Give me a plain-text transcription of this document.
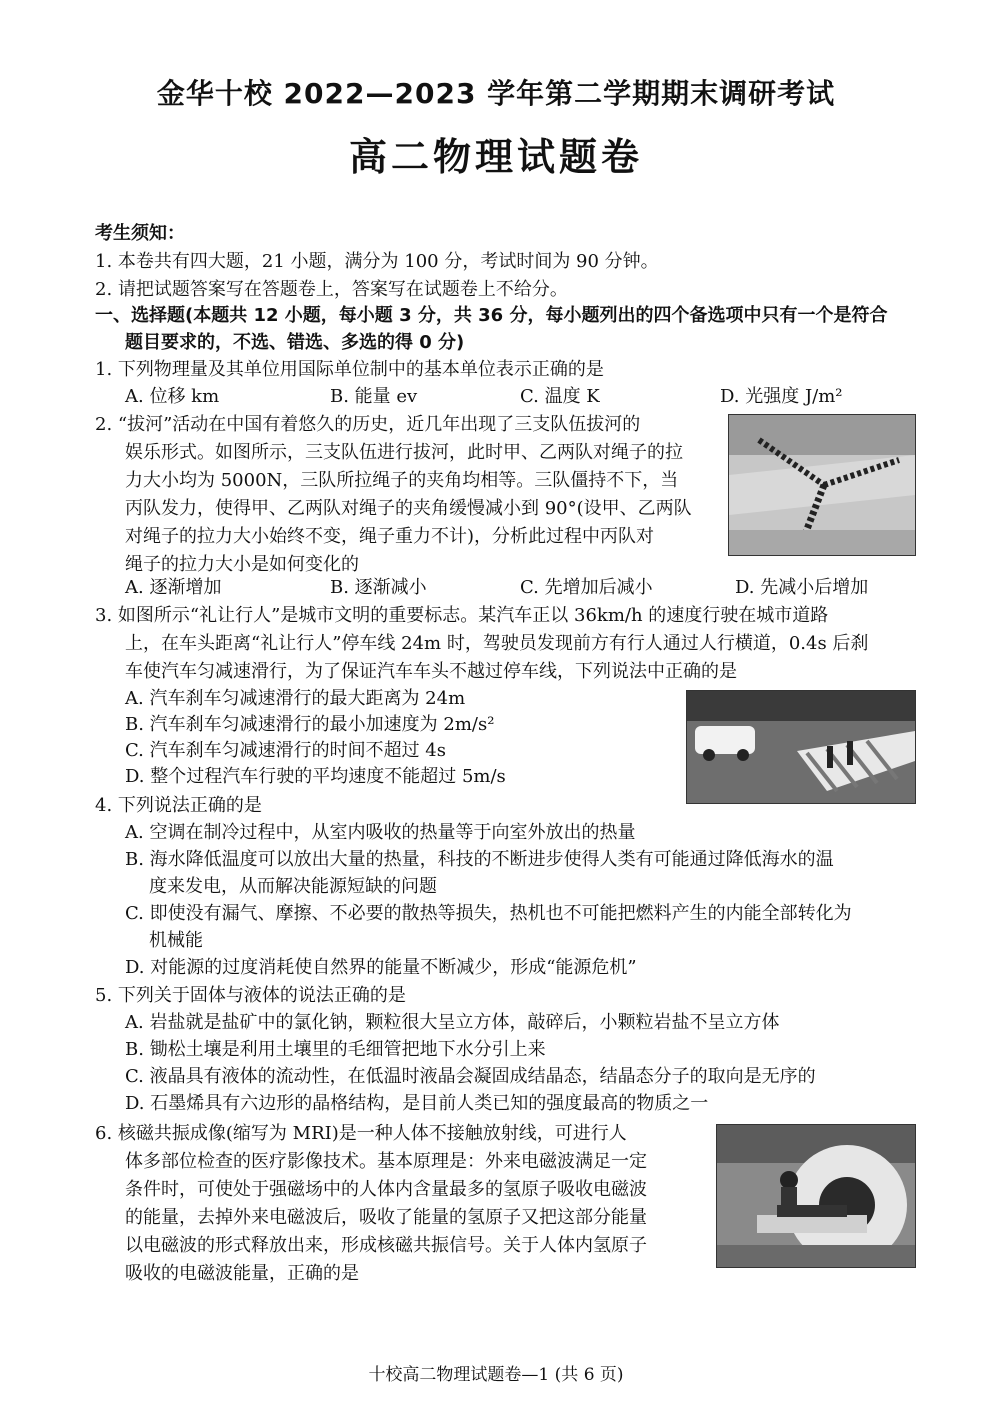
金华十校 2022—2023 学年第二学期期末调研考试
高二物理试题卷
考生须知：
1. 本卷共有四大题，21 小题，满分为 100 分，考试时间为 90 分钟。
2. 请把试题答案写在答题卷上，答案写在试题卷上不给分。
一、选择题(本题共 12 小题，每小题 3 分，共 36 分，每小题列出的四个备选项中只有一个是符合
题目要求的，不选、错选、多选的得 0 分)
1. 下列物理量及其单位用国际单位制中的基本单位表示正确的是
A. 位移 km	B. 能量 ev	C. 温度 K	D. 光强度 J/m²
2. “拔河”活动在中国有着悠久的历史，近几年出现了三支队伍拔河的
娱乐形式。如图所示，三支队伍进行拔河，此时甲、乙两队对绳子的拉
力大小均为 5000N，三队所拉绳子的夹角均相等。三队僵持不下，当
丙队发力，使得甲、乙两队对绳子的夹角缓慢减小到 90°(设甲、乙两队
对绳子的拉力大小始终不变，绳子重力不计)，分析此过程中丙队对
绳子的拉力大小是如何变化的
A. 逐渐增加	B. 逐渐减小	C. 先增加后减小	D. 先减小后增加
3. 如图所示“礼让行人”是城市文明的重要标志。某汽车正以 36km/h 的速度行驶在城市道路
上，在车头距离“礼让行人”停车线 24m 时，驾驶员发现前方有行人通过人行横道，0.4s 后刹
车使汽车匀减速滑行，为了保证汽车车头不越过停车线，下列说法中正确的是
A. 汽车刹车匀减速滑行的最大距离为 24m
B. 汽车刹车匀减速滑行的最小加速度为 2m/s²
C. 汽车刹车匀减速滑行的时间不超过 4s
D. 整个过程汽车行驶的平均速度不能超过 5m/s
4. 下列说法正确的是
A. 空调在制冷过程中，从室内吸收的热量等于向室外放出的热量
B. 海水降低温度可以放出大量的热量，科技的不断进步使得人类有可能通过降低海水的温
度来发电，从而解决能源短缺的问题
C. 即使没有漏气、摩擦、不必要的散热等损失，热机也不可能把燃料产生的内能全部转化为
机械能
D. 对能源的过度消耗使自然界的能量不断减少，形成“能源危机”
5. 下列关于固体与液体的说法正确的是
A. 岩盐就是盐矿中的氯化钠，颗粒很大呈立方体，敲碎后，小颗粒岩盐不呈立方体
B. 锄松土壤是利用土壤里的毛细管把地下水分引上来
C. 液晶具有液体的流动性，在低温时液晶会凝固成结晶态，结晶态分子的取向是无序的
D. 石墨烯具有六边形的晶格结构，是目前人类已知的强度最高的物质之一
6. 核磁共振成像(缩写为 MRI)是一种人体不接触放射线，可进行人
体多部位检查的医疗影像技术。基本原理是：外来电磁波满足一定
条件时，可使处于强磁场中的人体内含量最多的氢原子吸收电磁波
的能量，去掉外来电磁波后，吸收了能量的氢原子又把这部分能量
以电磁波的形式释放出来，形成核磁共振信号。关于人体内氢原子
吸收的电磁波能量，正确的是
十校高二物理试题卷—1 (共 6 页)
